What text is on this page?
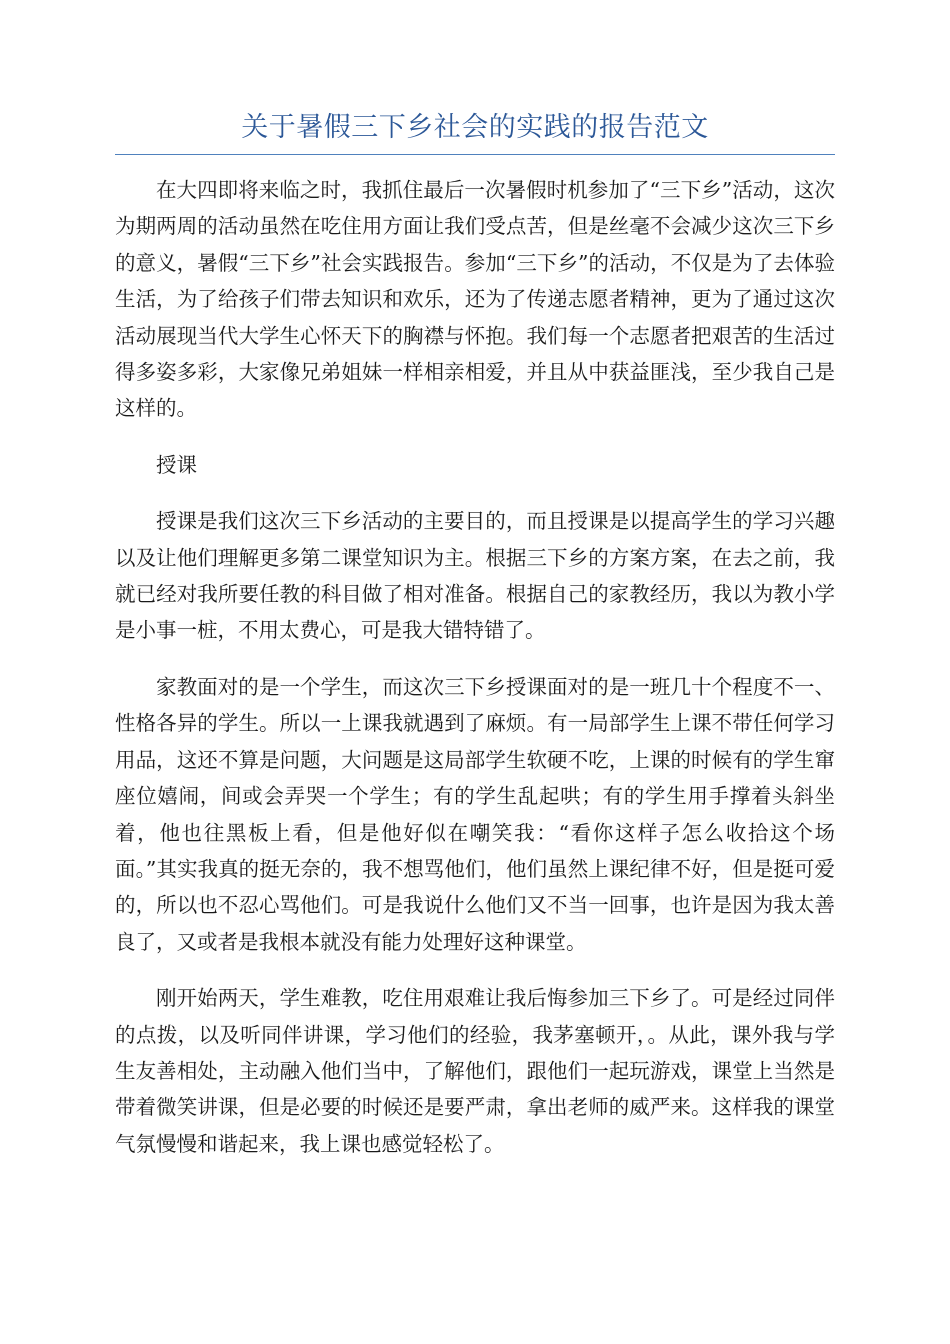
关于暑假三下乡社会的实践的报告范文

在大四即将来临之时，我抓住最后一次暑假时机参加了“三下乡”活动，这次为期两周的活动虽然在吃住用方面让我们受点苦，但是丝毫不会减少这次三下乡的意义，暑假“三下乡”社会实践报告。参加“三下乡”的活动，不仅是为了去体验生活，为了给孩子们带去知识和欢乐，还为了传递志愿者精神，更为了通过这次活动展现当代大学生心怀天下的胸襟与怀抱。我们每一个志愿者把艰苦的生活过得多姿多彩，大家像兄弟姐妹一样相亲相爱，并且从中获益匪浅，至少我自己是这样的。

授课

授课是我们这次三下乡活动的主要目的，而且授课是以提高学生的学习兴趣以及让他们理解更多第二课堂知识为主。根据三下乡的方案方案，在去之前，我就已经对我所要任教的科目做了相对准备。根据自己的家教经历，我以为教小学是小事一桩，不用太费心，可是我大错特错了。

家教面对的是一个学生，而这次三下乡授课面对的是一班几十个程度不一、性格各异的学生。所以一上课我就遇到了麻烦。有一局部学生上课不带任何学习用品，这还不算是问题，大问题是这局部学生软硬不吃，上课的时候有的学生窜座位嬉闹，间或会弄哭一个学生；有的学生乱起哄；有的学生用手撑着头斜坐着，他也往黑板上看，但是他好似在嘲笑我：“看你这样子怎么收拾这个场面。”其实我真的挺无奈的，我不想骂他们，他们虽然上课纪律不好，但是挺可爱的，所以也不忍心骂他们。可是我说什么他们又不当一回事，也许是因为我太善良了，又或者是我根本就没有能力处理好这种课堂。

刚开始两天，学生难教，吃住用艰难让我后悔参加三下乡了。可是经过同伴的点拨，以及听同伴讲课，学习他们的经验，我茅塞顿开，。从此，课外我与学生友善相处，主动融入他们当中，了解他们，跟他们一起玩游戏，课堂上当然是带着微笑讲课，但是必要的时候还是要严肃，拿出老师的威严来。这样我的课堂气氛慢慢和谐起来，我上课也感觉轻松了。
